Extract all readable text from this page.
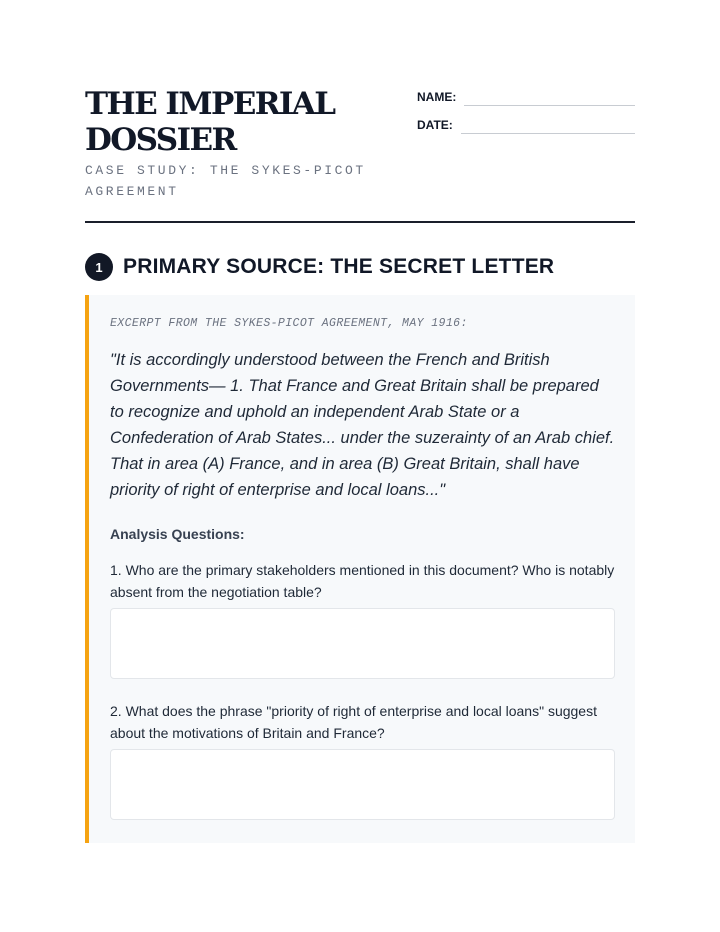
THE IMPERIAL DOSSIER
CASE STUDY: THE SYKES-PICOT AGREEMENT
NAME:
DATE:
1 PRIMARY SOURCE: THE SECRET LETTER
EXCERPT FROM THE SYKES-PICOT AGREEMENT, MAY 1916:
"It is accordingly understood between the French and British Governments— 1. That France and Great Britain shall be prepared to recognize and uphold an independent Arab State or a Confederation of Arab States... under the suzerainty of an Arab chief. That in area (A) France, and in area (B) Great Britain, shall have priority of right of enterprise and local loans..."
Analysis Questions:
1. Who are the primary stakeholders mentioned in this document? Who is notably absent from the negotiation table?
2. What does the phrase "priority of right of enterprise and local loans" suggest about the motivations of Britain and France?
